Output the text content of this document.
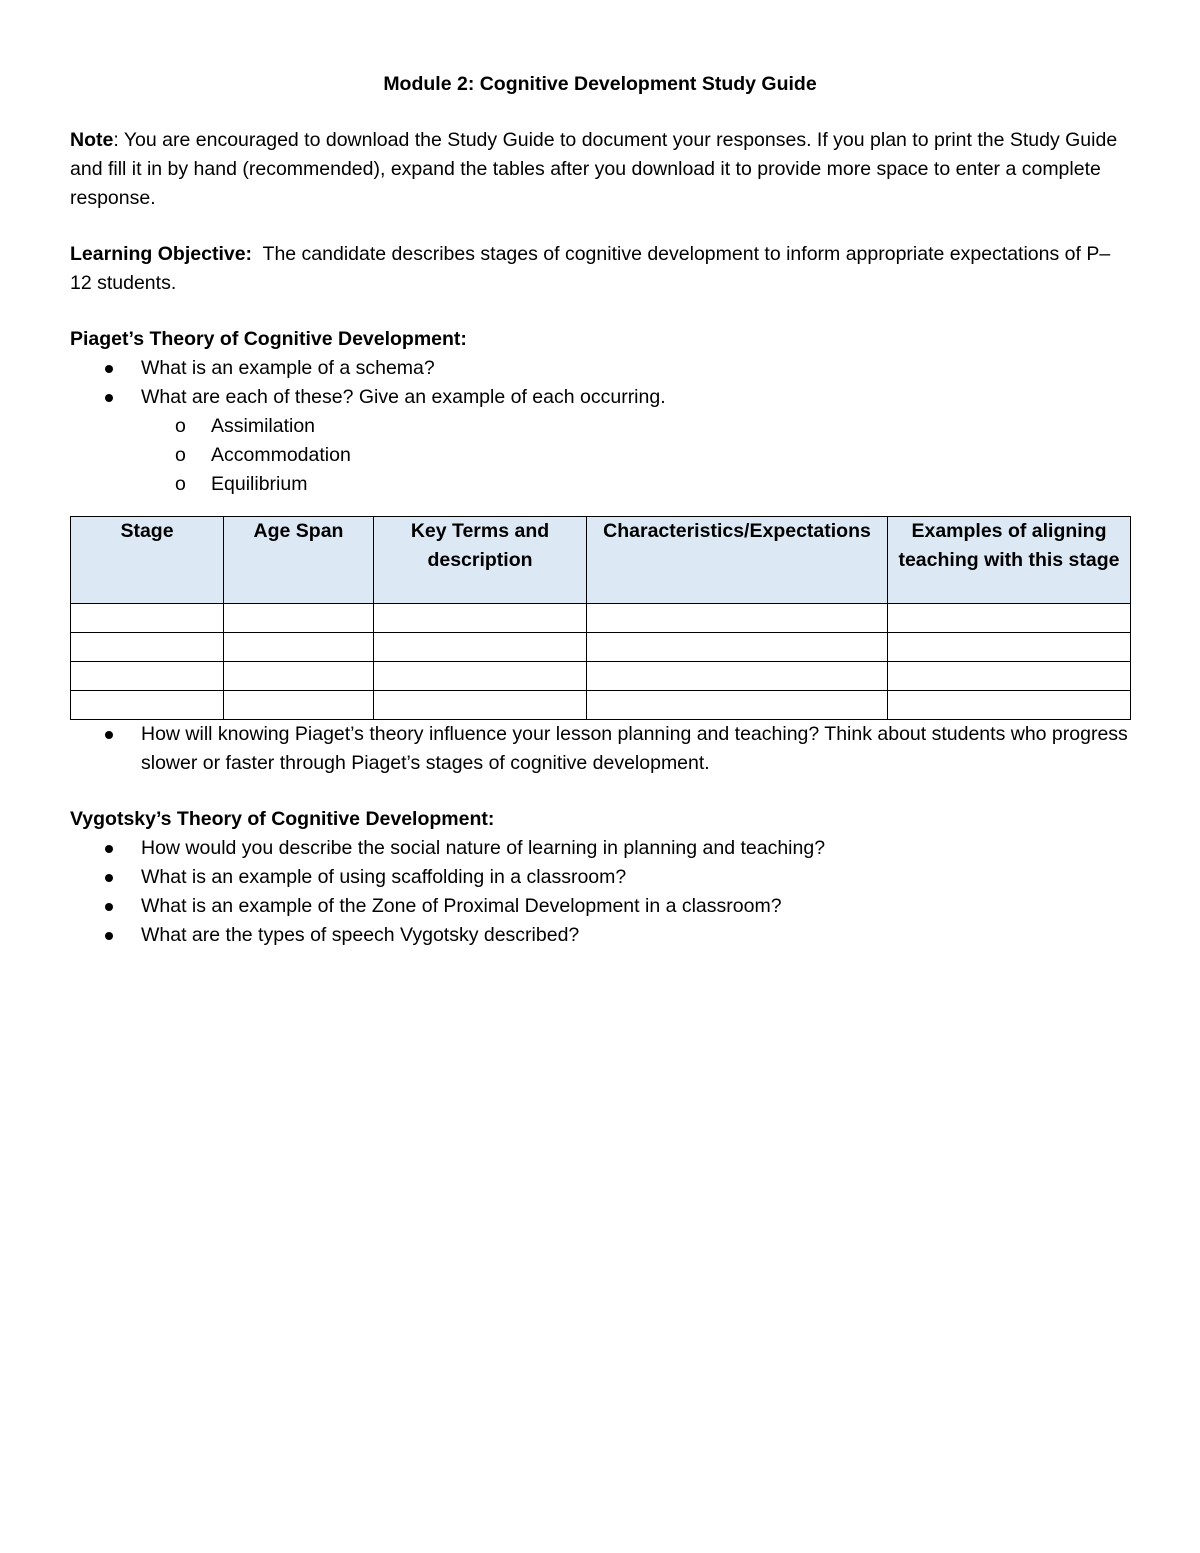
Module 2: Cognitive Development Study Guide

Note: You are encouraged to download the Study Guide to document your responses. If you plan to print the Study Guide and fill it in by hand (recommended), expand the tables after you download it to provide more space to enter a complete response.

Learning Objective:  The candidate describes stages of cognitive development to inform appropriate expectations of P–12 students.

Piaget’s Theory of Cognitive Development:
What is an example of a schema?
What are each of these? Give an example of each occurring.
o Assimilation
o Accommodation
o Equilibrium
Stage	Age Span	Key Terms and description	Characteristics/Expectations	Examples of aligning teaching with this stage

How will knowing Piaget’s theory influence your lesson planning and teaching? Think about students who progress slower or faster through Piaget’s stages of cognitive development.
Vygotsky’s Theory of Cognitive Development:
How would you describe the social nature of learning in planning and teaching?
What is an example of using scaffolding in a classroom?
What is an example of the Zone of Proximal Development in a classroom?
What are the types of speech Vygotsky described?
